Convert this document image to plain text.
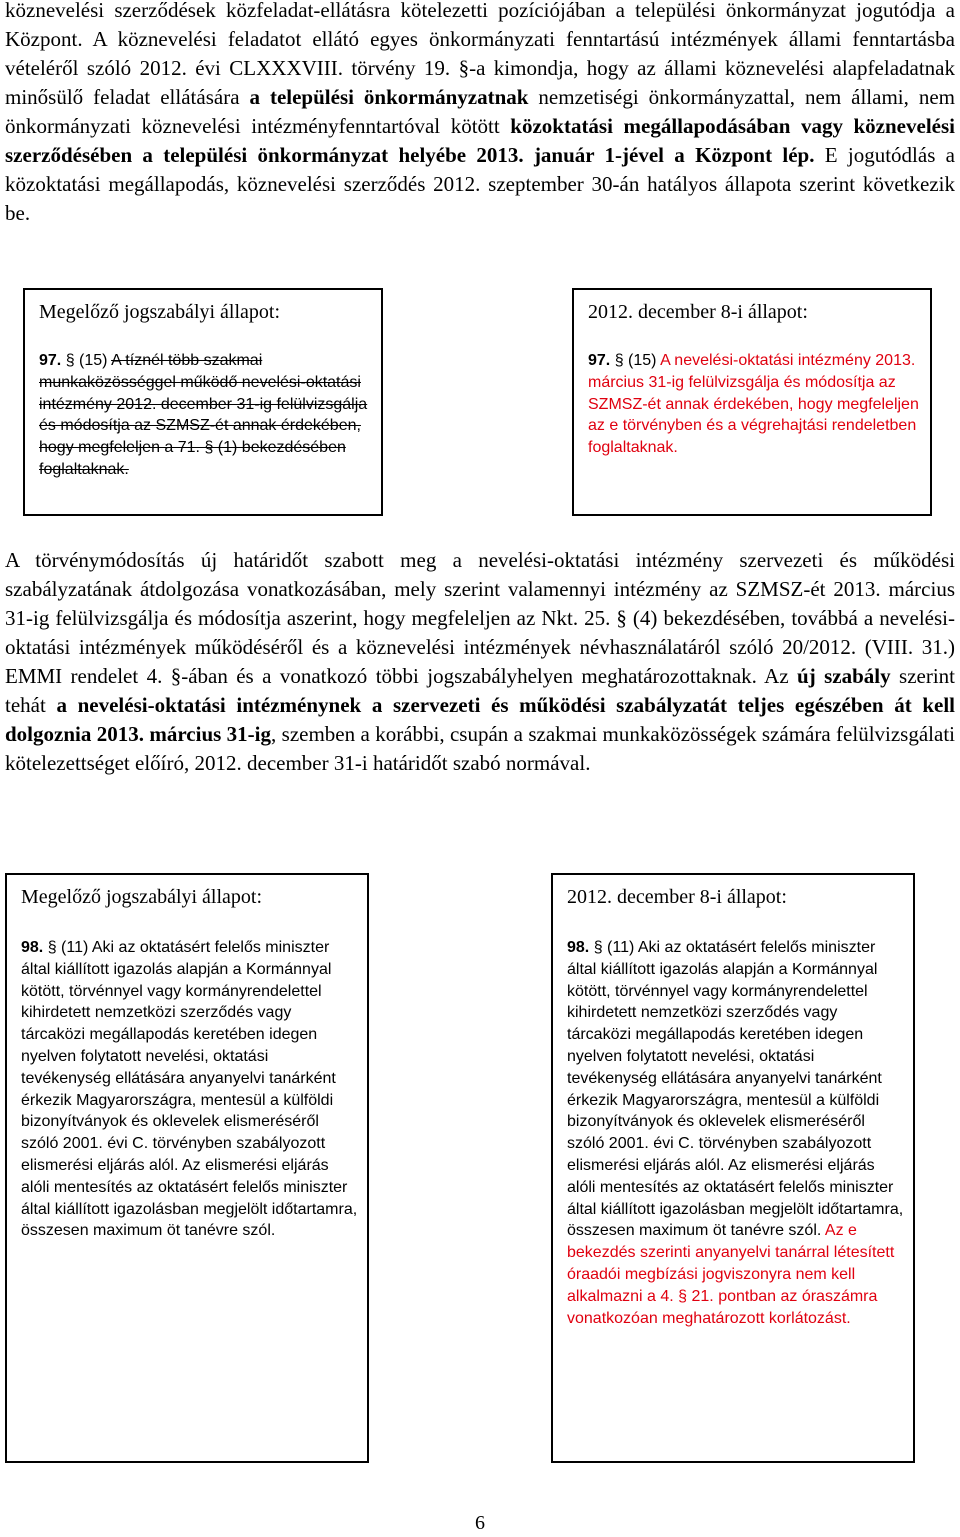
köznevelési szerződések közfeladat-ellátásra kötelezetti pozíciójában a települési önkormányzat jogutódja a Központ. A köznevelési feladatot ellátó egyes önkormányzati fenntartású intézmények állami fenntartásba vételéről szóló 2012. évi CLXXXVIII. törvény 19. §-a kimondja, hogy az állami köznevelési alapfeladatnak minősülő feladat ellátására a települési önkormányzatnak nemzetiségi önkormányzattal, nem állami, nem önkormányzati köznevelési intézményfenntartóval kötött közoktatási megállapodásában vagy köznevelési szerződésében a települési önkormányzat helyébe 2013. január 1-jével a Központ lép. E jogutódlás a közoktatási megállapodás, köznevelési szerződés 2012. szeptember 30-án hatályos állapota szerint következik be.
Megelőző jogszabályi állapot:
97. § (15) A tíznél több szakmai munkaközösséggel működő nevelési-oktatási intézmény 2012. december 31-ig felülvizsgálja és módosítja az SZMSZ-ét annak érdekében, hogy megfeleljen a 71. § (1) bekezdésében foglaltaknak.
2012. december 8-i állapot:
97. § (15) A nevelési-oktatási intézmény 2013. március 31-ig felülvizsgálja és módosítja az SZMSZ-ét annak érdekében, hogy megfeleljen az e törvényben és a végrehajtási rendeletben foglaltaknak.
A törvénymódosítás új határidőt szabott meg a nevelési-oktatási intézmény szervezeti és működési szabályzatának átdolgozása vonatkozásában, mely szerint valamennyi intézmény az SZMSZ-ét 2013. március 31-ig felülvizsgálja és módosítja aszerint, hogy megfeleljen az Nkt. 25. § (4) bekezdésében, továbbá a nevelési-oktatási intézmények működéséről és a köznevelési intézmények névhasználatáról szóló 20/2012. (VIII. 31.) EMMI rendelet 4. §-ában és a vonatkozó többi jogszabályhelyen meghatározottaknak. Az új szabály szerint tehát a nevelési-oktatási intézménynek a szervezeti és működési szabályzatát teljes egészében át kell dolgoznia 2013. március 31-ig, szemben a korábbi, csupán a szakmai munkaközösségek számára felülvizsgálati kötelezettséget előíró, 2012. december 31-i határidőt szabó normával.
Megelőző jogszabályi állapot:
98. § (11) Aki az oktatásért felelős miniszter által kiállított igazolás alapján a Kormánnyal kötött, törvénnyel vagy kormányrendelettel kihirdetett nemzetközi szerződés vagy tárcaközi megállapodás keretében idegen nyelven folytatott nevelési, oktatási tevékenység ellátására anyanyelvi tanárként érkezik Magyarországra, mentesül a külföldi bizonyítványok és oklevelek elismeréséről szóló 2001. évi C. törvényben szabályozott elismerési eljárás alól. Az elismerési eljárás alóli mentesítés az oktatásért felelős miniszter által kiállított igazolásban megjelölt időtartamra, összesen maximum öt tanévre szól.
2012. december 8-i állapot:
98. § (11) Aki az oktatásért felelős miniszter által kiállított igazolás alapján a Kormánnyal kötött, törvénnyel vagy kormányrendelettel kihirdetett nemzetközi szerződés vagy tárcaközi megállapodás keretében idegen nyelven folytatott nevelési, oktatási tevékenység ellátására anyanyelvi tanárként érkezik Magyarországra, mentesül a külföldi bizonyítványok és oklevelek elismeréséről szóló 2001. évi C. törvényben szabályozott elismerési eljárás alól. Az elismerési eljárás alóli mentesítés az oktatásért felelős miniszter által kiállított igazolásban megjelölt időtartamra, összesen maximum öt tanévre szól. Az e bekezdés szerinti anyanyelvi tanárral létesített óraadói megbízási jogviszonyra nem kell alkalmazni a 4. § 21. pontban az óraszámra vonatkozóan meghatározott korlátozást.
6
